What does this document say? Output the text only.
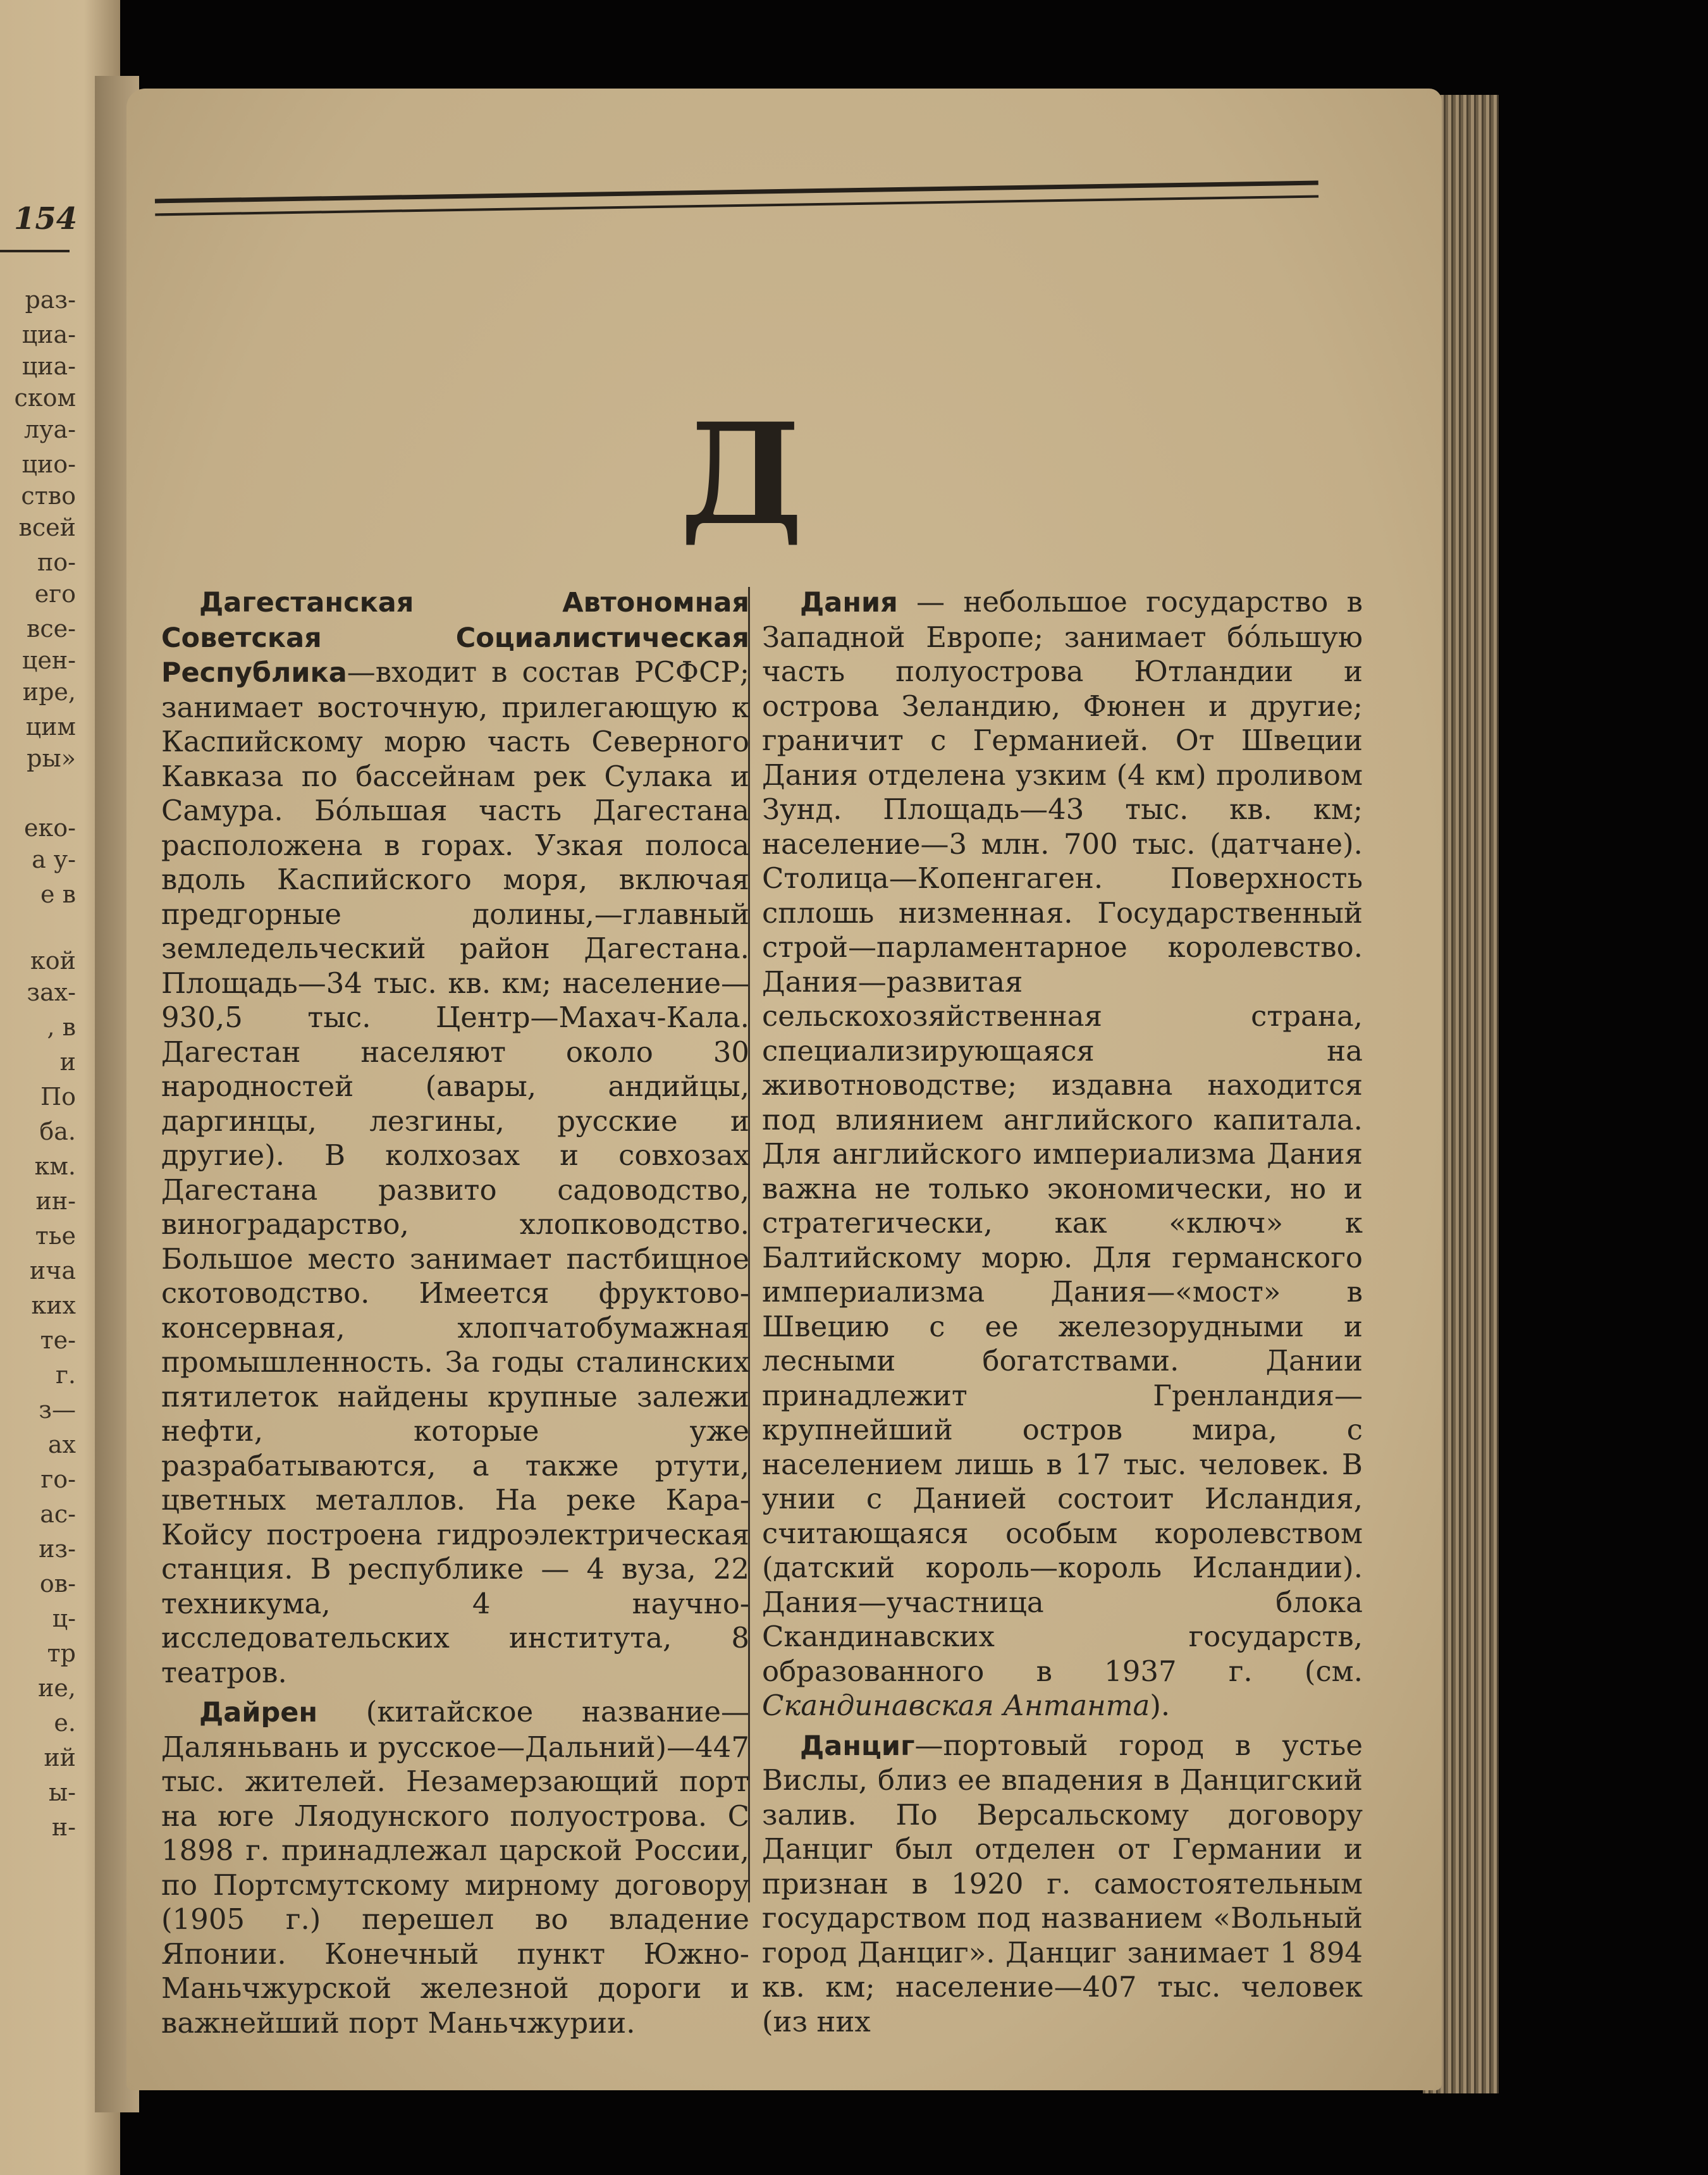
154
раз-
циа-
циа-
ском
луа-
цио-
ство
всей
по-
его
все-
цен-
ире,
цим
ры»
еко-
а у-
е в
кой
зах-
, в
и
По
ба.
км.
ин-
тье
ича
ких
те-
г.
з—
ах
го-
ас-
из-
ов-
ц-
тр
ие,
е.
ий
ы-
н-
Д

Дагестанская Автономная Советская Социалистическая Республика—входит в состав РСФСР; занимает восточную, прилегающую к Каспийскому морю часть Северного Кавказа по бассейнам рек Сулака и Самура. Бóльшая часть Дагестана расположена в горах. Узкая полоса вдоль Каспийского моря, включая предгорные долины,—главный земледельческий район Дагестана. Площадь—34 тыс. кв. км; население—930,5 тыс. Центр—Махач-Кала. Дагестан населяют около 30 народностей (авары, андийцы, даргинцы, лезгины, русские и другие). В колхозах и совхозах Дагестана развито садоводство, виноградарство, хлопководство. Большое место занимает пастбищное скотоводство. Имеется фруктово-консервная, хлопчатобумажная промышленность. За годы сталинских пятилеток найдены крупные залежи нефти, которые уже разрабатываются, а также ртути, цветных металлов. На реке Кара-Койсу построена гидроэлектрическая станция. В республике — 4 вуза, 22 техникума, 4 научно-исследовательских института, 8 театров.

Дайрен (китайское название—Даляньвань и русское—Дальний)—447 тыс. жителей. Незамерзающий порт на юге Ляодунского полуострова. С 1898 г. принадлежал царской России, по Портсмутскому мирному договору (1905 г.) перешел во владение Японии. Конечный пункт Южно-Маньчжурской железной дороги и важнейший порт Маньчжурии.

Дания — небольшое государство в Западной Европе; занимает бóльшую часть полуострова Ютландии и острова Зеландию, Фюнен и другие; граничит с Германией. От Швеции Дания отделена узким (4 км) проливом Зунд. Площадь—43 тыс. кв. км; население—3 млн. 700 тыс. (датчане). Столица—Копенгаген. Поверхность сплошь низменная. Государственный строй—парламентарное королевство. Дания—развитая сельскохозяйственная страна, специализирующаяся на животноводстве; издавна находится под влиянием английского капитала. Для английского империализма Дания важна не только экономически, но и стратегически, как «ключ» к Балтийскому морю. Для германского империализма Дания—«мост» в Швецию с ее железорудными и лесными богатствами. Дании принадлежит Гренландия—крупнейший остров мира, с населением лишь в 17 тыс. человек. В унии с Данией состоит Исландия, считающаяся особым королевством (датский король—король Исландии). Дания—участница блока Скандинавских государств, образованного в 1937 г. (см. Скандинавская Антанта).

Данциг—портовый город в устье Вислы, близ ее впадения в Данцигский залив. По Версальскому договору Данциг был отделен от Германии и признан в 1920 г. самостоятельным государством под названием «Вольный город Данциг». Данциг занимает 1 894 кв. км; население—407 тыс. человек (из них
